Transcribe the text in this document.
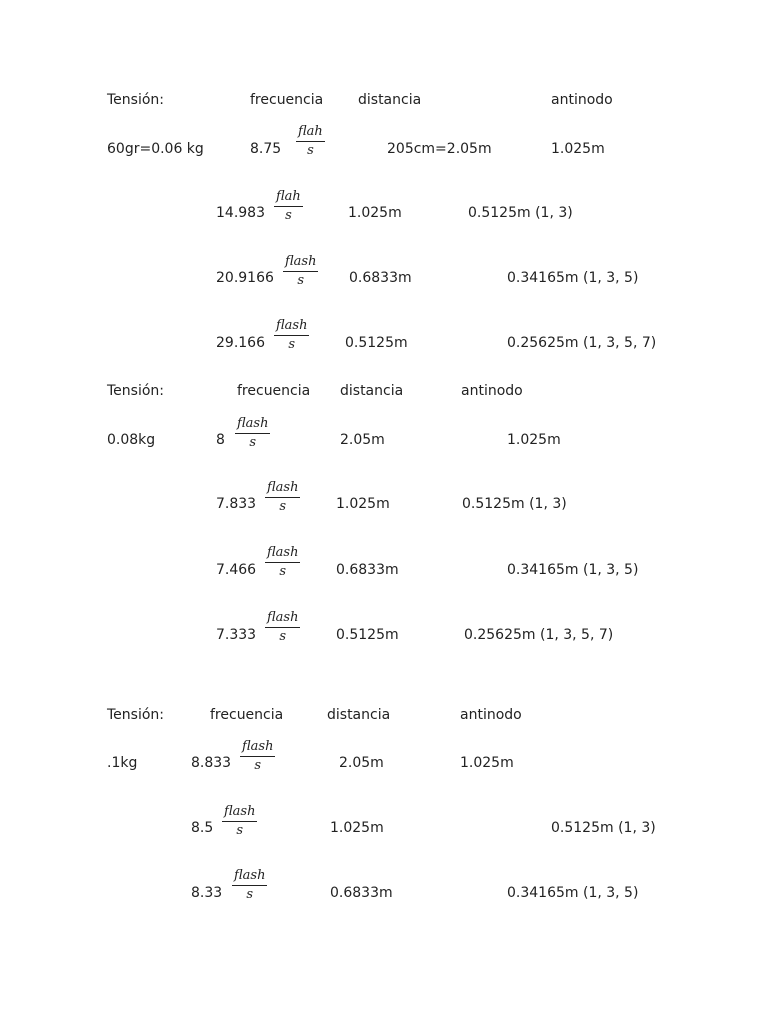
Tensión:	frecuencia distancia	antinodo
60gr=0.06 kg	8.75
flah
s	205cm=2.05m	1.025m
14.983
flah
s	1.025m	0.5125m (1, 3)
20.9166
flash
s	0.6833m	0.34165m (1, 3, 5)
29.166
flash
s	0.5125m	0.25625m (1, 3, 5, 7)
Tensión:	frecuencia distancia	antinodo
0.08kg	8
flash
s	2.05m	1.025m
7.833
flash
s	1.025m	0.5125m (1, 3)
7.466
flash
s	0.6833m	0.34165m (1, 3, 5)
7.333
flash
s	0.5125m	0.25625m (1, 3, 5, 7)
Tensión:	frecuencia	distancia	antinodo
.1kg	8.833
flash
s	2.05m	1.025m
8.5
flash
s	1.025m	0.5125m (1, 3)
8.33
flash
s	0.6833m	0.34165m (1, 3, 5)
